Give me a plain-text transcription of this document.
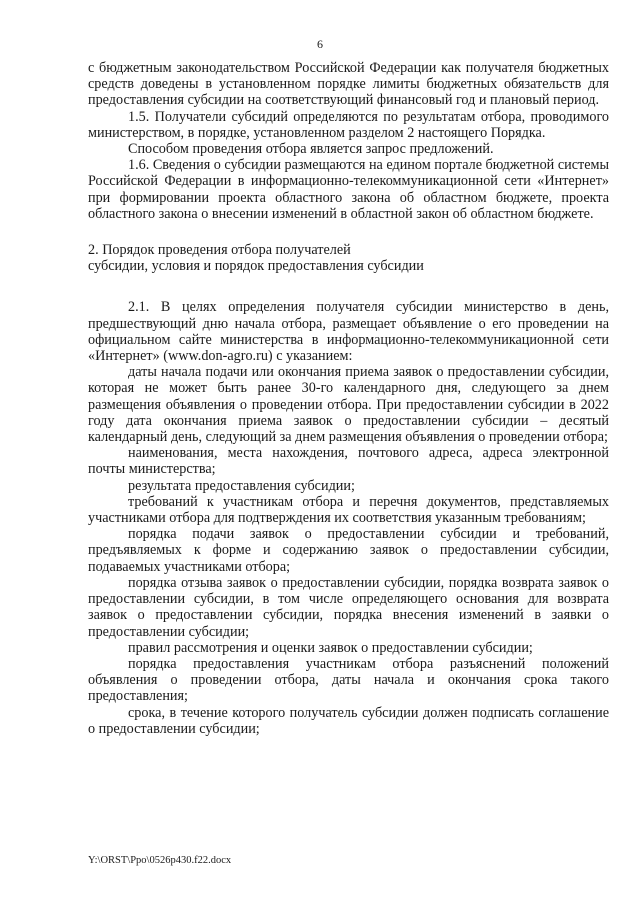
6

с бюджетным законодательством Российской Федерации как получателя бюджетных средств доведены в установленном порядке лимиты бюджетных обязательств для предоставления субсидии на соответствующий финансовый год и плановый период.

1.5. Получатели субсидий определяются по результатам отбора, проводимого министерством, в порядке, установленном разделом 2 настоящего Порядка.

Способом проведения отбора является запрос предложений.

1.6. Сведения о субсидии размещаются на едином портале бюджетной системы Российской Федерации в информационно-телекоммуникационной сети «Интернет» при формировании проекта областного закона об областном бюджете, проекта областного закона о внесении изменений в областной закон об областном бюджете.

2. Порядок проведения отбора получателей
субсидии, условия и порядок предоставления субсидии

2.1. В целях определения получателя субсидии министерство в день, предшествующий дню начала отбора, размещает объявление о его проведении на официальном сайте министерства в информационно-телекоммуникационной сети «Интернет» (www.don-agro.ru) с указанием:

даты начала подачи или окончания приема заявок о предоставлении субсидии, которая не может быть ранее 30-го календарного дня, следующего за днем размещения объявления о проведении отбора. При предоставлении субсидии в 2022 году дата окончания приема заявок о предоставлении субсидии – десятый календарный день, следующий за днем размещения объявления о проведении отбора;

наименования, места нахождения, почтового адреса, адреса электронной почты министерства;

результата предоставления субсидии;

требований к участникам отбора и перечня документов, представляемых участниками отбора для подтверждения их соответствия указанным требованиям;

порядка подачи заявок о предоставлении субсидии и требований, предъявляемых к форме и содержанию заявок о предоставлении субсидии, подаваемых участниками отбора;

порядка отзыва заявок о предоставлении субсидии, порядка возврата заявок о предоставлении субсидии, в том числе определяющего основания для возврата заявок о предоставлении субсидии, порядка внесения изменений в заявки о предоставлении субсидии;

правил рассмотрения и оценки заявок о предоставлении субсидии;

порядка предоставления участникам отбора разъяснений положений объявления о проведении отбора, даты начала и окончания срока такого предоставления;

срока, в течение которого получатель субсидии должен подписать соглашение о предоставлении субсидии;

Y:\ORST\Ppo\0526p430.f22.docx
